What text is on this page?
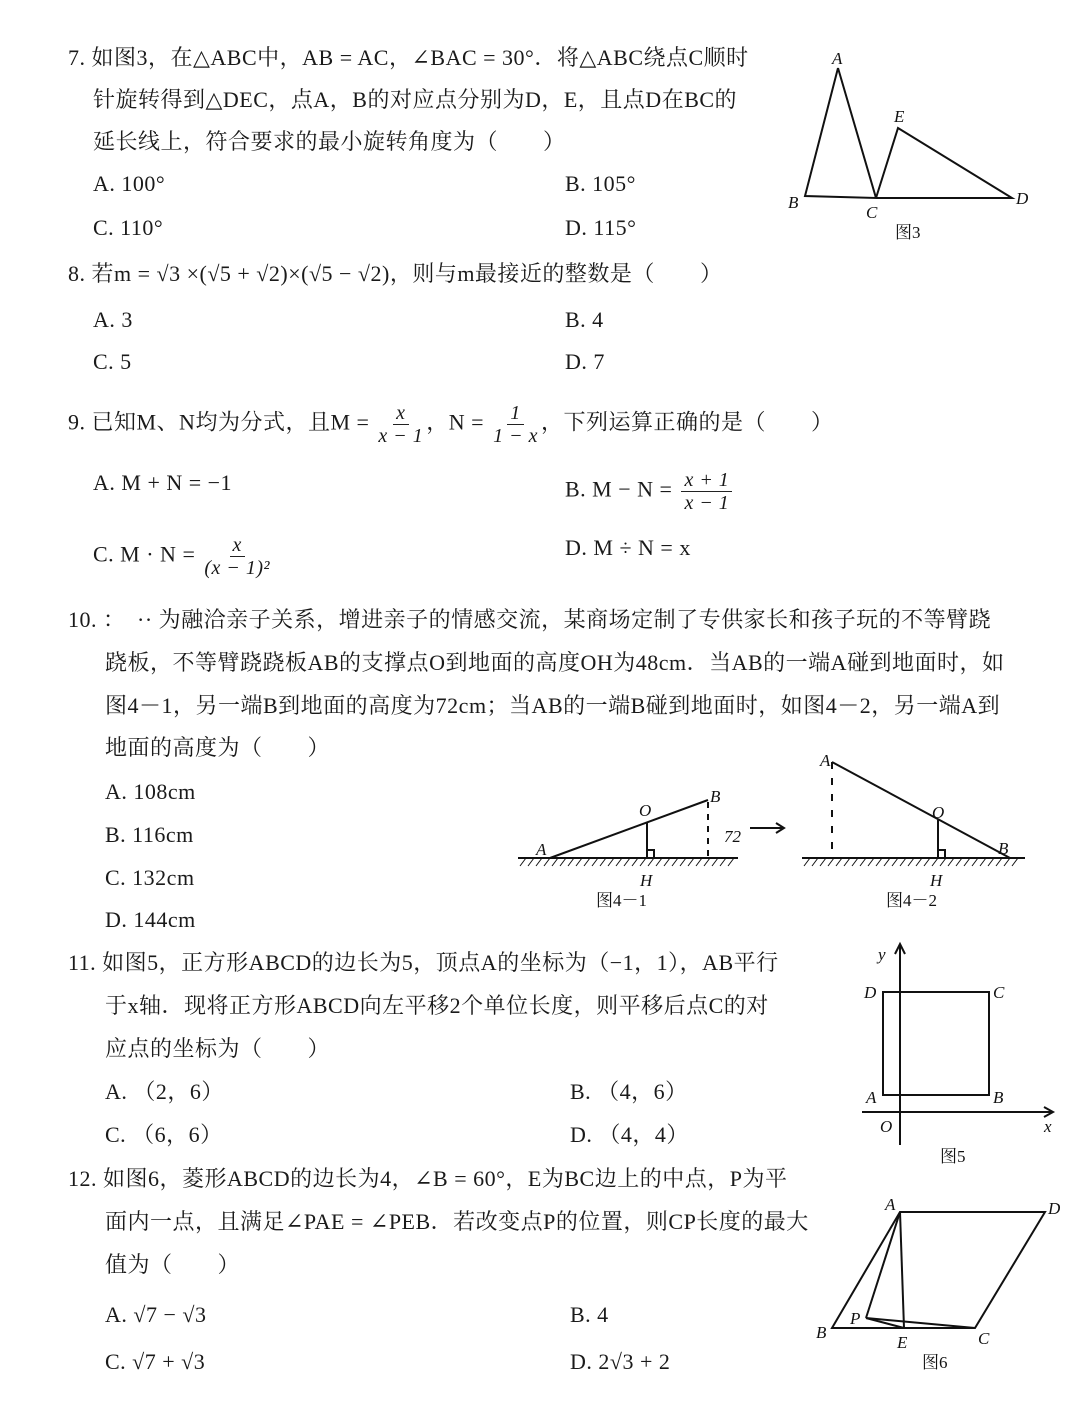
7. 如图3，在△ABC中，AB = AC，∠BAC = 30°．将△ABC绕点C顺时
针旋转得到△DEC，点A，B的对应点分别为D，E，且点D在BC的
延长线上，符合要求的最小旋转角度为（　　）
A. 100°	B. 105°
C. 110°	D. 115°
A
B
C
E
D
图3
8. 若m = √3 ×(√5 + √2)×(√5 − √2)，则与m最接近的整数是（　　）
A. 3	B. 4
C. 5	D. 7
9. 已知M、N均为分式，且$M = \frac{x}{x - 1}$ ，$N = \frac{1}{1 - x}$ ，下列运算正确的是（　　）
A. M + N = −1	B. $M - N = \frac{x + 1}{x - 1}$
C. $M \cdot N = \frac{x}{\text{(x − 1)²}}$	D. M ÷ N = x
10. ：　·· 为融洽亲子关系，增进亲子的情感交流，某商场定制了专供家长和孩子玩的不等臂跷
跷板，不等臂跷跷板AB的支撑点O到地面的高度OH为48cm．当AB的一端A碰到地面时，如
图4－1，另一端B到地面的高度为72cm；当AB的一端B碰到地面时，如图4－2，另一端A到
地面的高度为（　　）
A. 108cm
B. 116cm
C. 132cm
D. 144cm
A
O
B
H
72
图4－1
A
O
B
H
图4－2
11. 如图5，正方形ABCD的边长为5，顶点A的坐标为（−1，1），AB平行
于x轴．现将正方形ABCD向左平移2个单位长度，则平移后点C的对
应点的坐标为（　　）
A. （2，6）	B. （4，6）
C. （6，6）	D. （4，4）
y
D	C
A	B
O	x
图5
12. 如图6，菱形ABCD的边长为4，∠B = 60°，E为BC边上的中点，P为平
面内一点，且满足∠PAE = ∠PEB．若改变点P的位置，则CP长度的最大
值为（　　）
A. √7 − √3	B. 4
C. √7 + √3	D. 2√3 + 2
A	D
B
P
E	C
图6
